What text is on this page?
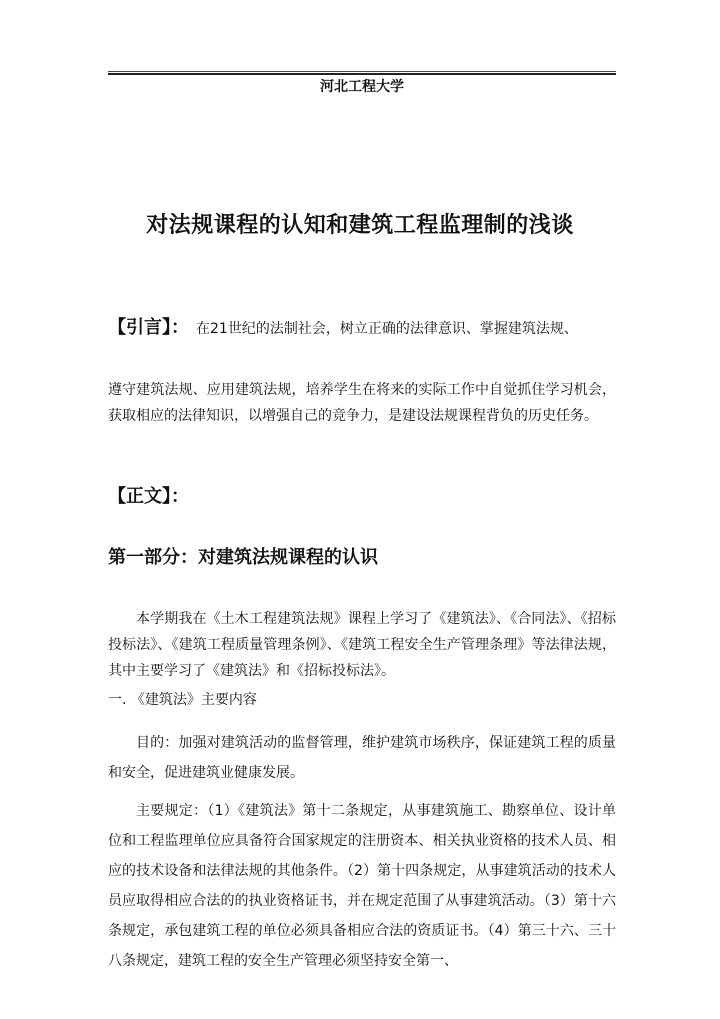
河北工程大学
对法规课程的认知和建筑工程监理制的浅谈
【引言】： 在21世纪的法制社会，树立正确的法律意识、掌握建筑法规、
遵守建筑法规、应用建筑法规，培养学生在将来的实际工作中自觉抓住学习机会，获取相应的法律知识，以增强自己的竞争力，是建设法规课程背负的历史任务。
【正文】：
第一部分：对建筑法规课程的认识
本学期我在《土木工程建筑法规》课程上学习了《建筑法》、《合同法》、《招标投标法》、《建筑工程质量管理条例》、《建筑工程安全生产管理条理》等法律法规，其中主要学习了《建筑法》和《招标投标法》。
一. 《建筑法》主要内容
目的：加强对建筑活动的监督管理，维护建筑市场秩序，保证建筑工程的质量和安全，促进建筑业健康发展。
主要规定：（1）《建筑法》第十二条规定，从事建筑施工、勘察单位、设计单位和工程监理单位应具备符合国家规定的注册资本、相关执业资格的技术人员、相应的技术设备和法律法规的其他条件。（2）第十四条规定，从事建筑活动的技术人员应取得相应合法的的执业资格证书，并在规定范围了从事建筑活动。（3）第十六条规定，承包建筑工程的单位必须具备相应合法的资质证书。（4）第三十六、三十八条规定，建筑工程的安全生产管理必须坚持安全第一、
